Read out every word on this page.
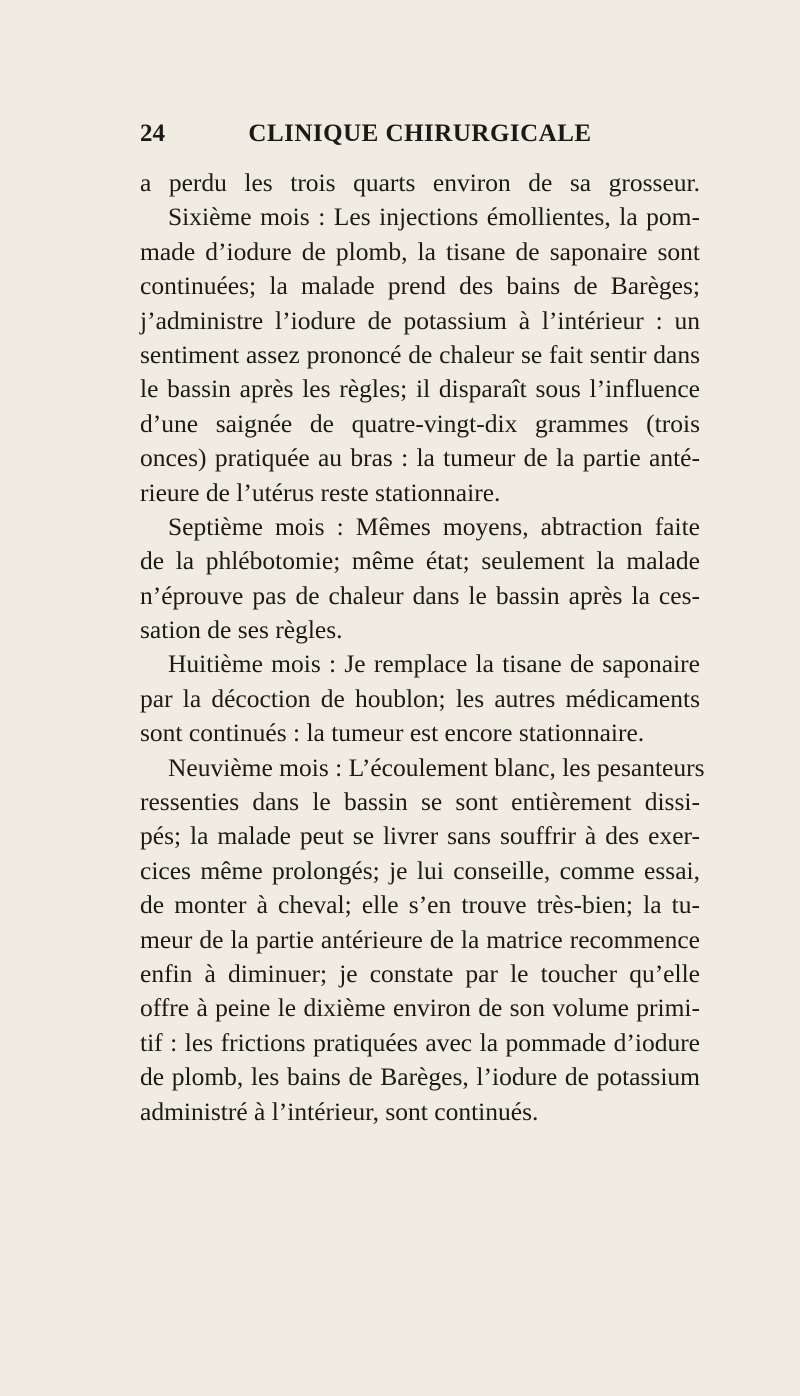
24	CLINIQUE CHIRURGICALE
a perdu les trois quarts environ de sa grosseur.
Sixième mois : Les injections émollientes, la pom-
made d’iodure de plomb, la tisane de saponaire sont
continuées; la malade prend des bains de Barèges;
j’administre l’iodure de potassium à l’intérieur : un
sentiment assez prononcé de chaleur se fait sentir dans
le bassin après les règles; il disparaît sous l’influence
d’une saignée de quatre-vingt-dix grammes (trois
onces) pratiquée au bras : la tumeur de la partie anté-
rieure de l’utérus reste stationnaire.
Septième mois : Mêmes moyens, abtraction faite
de la phlébotomie; même état; seulement la malade
n’éprouve pas de chaleur dans le bassin après la ces-
sation de ses règles.
Huitième mois : Je remplace la tisane de saponaire
par la décoction de houblon; les autres médicaments
sont continués : la tumeur est encore stationnaire.
Neuvième mois : L’écoulement blanc, les pesanteurs
ressenties dans le bassin se sont entièrement dissi-
pés; la malade peut se livrer sans souffrir à des exer-
cices même prolongés; je lui conseille, comme essai,
de monter à cheval; elle s’en trouve très-bien; la tu-
meur de la partie antérieure de la matrice recommence
enfin à diminuer; je constate par le toucher qu’elle
offre à peine le dixième environ de son volume primi-
tif : les frictions pratiquées avec la pommade d’iodure
de plomb, les bains de Barèges, l’iodure de potassium
administré à l’intérieur, sont continués.
